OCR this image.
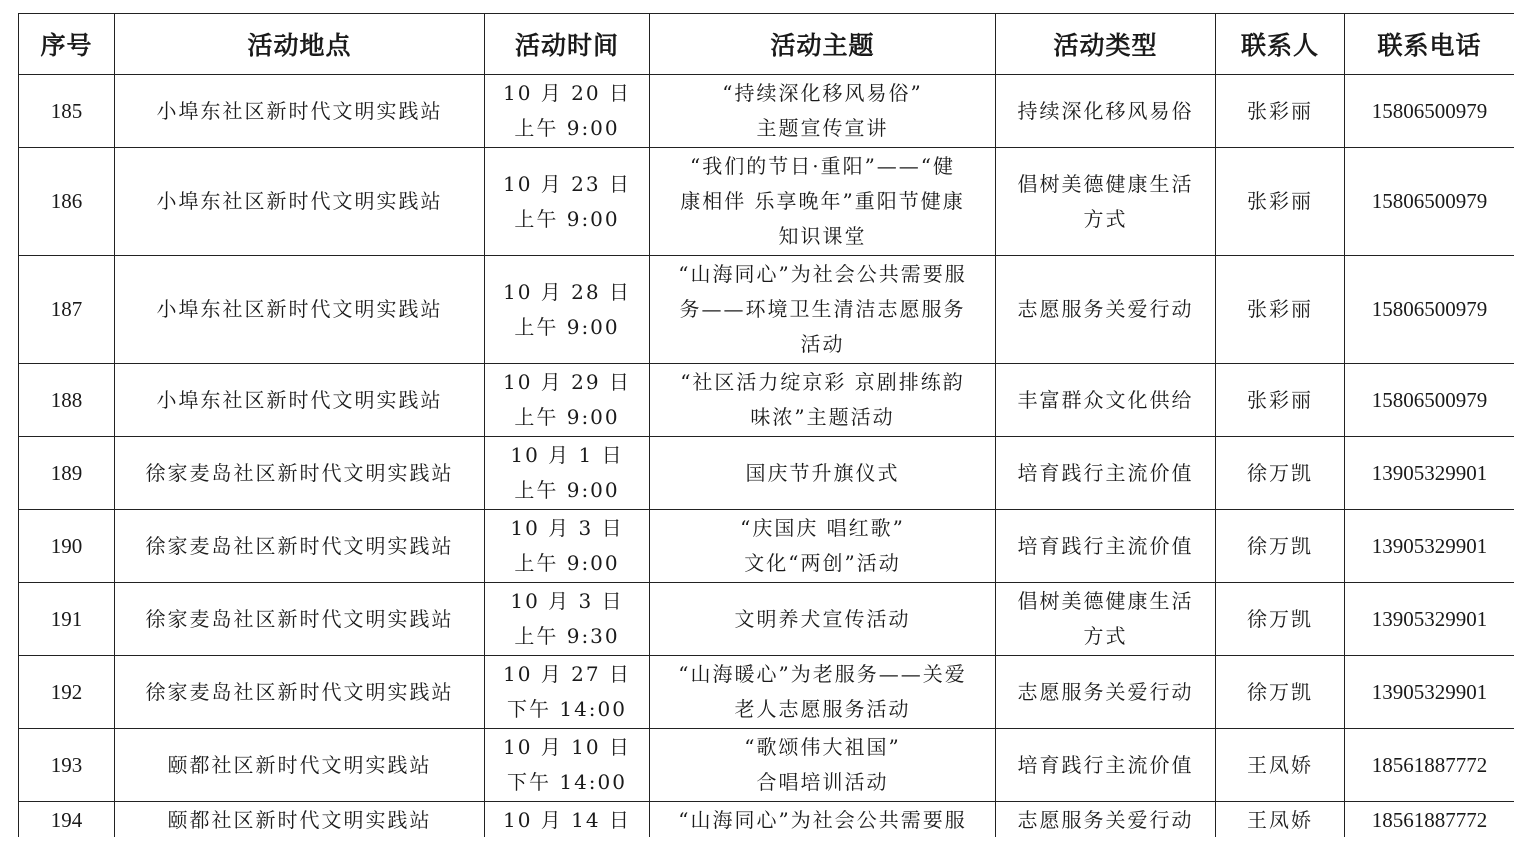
序号	活动地点	活动时间	活动主题	活动类型	联系人	联系电话
185	小埠东社区新时代文明实践站	10 月 20 日
上午 9:00	“持续深化移风易俗”
主题宣传宣讲	持续深化移风易俗	张彩丽	15806500979
186	小埠东社区新时代文明实践站	10 月 23 日
上午 9:00	“我们的节日·重阳”——“健
康相伴 乐享晚年”重阳节健康
知识课堂	倡树美德健康生活
方式	张彩丽	15806500979
187	小埠东社区新时代文明实践站	10 月 28 日
上午 9:00	“山海同心”为社会公共需要服
务——环境卫生清洁志愿服务
活动	志愿服务关爱行动	张彩丽	15806500979
188	小埠东社区新时代文明实践站	10 月 29 日
上午 9:00	“社区活力绽京彩 京剧排练韵
味浓”主题活动	丰富群众文化供给	张彩丽	15806500979
189	徐家麦岛社区新时代文明实践站	10 月 1 日
上午 9:00	国庆节升旗仪式	培育践行主流价值	徐万凯	13905329901
190	徐家麦岛社区新时代文明实践站	10 月 3 日
上午 9:00	“庆国庆 唱红歌”
文化“两创”活动	培育践行主流价值	徐万凯	13905329901
191	徐家麦岛社区新时代文明实践站	10 月 3 日
上午 9:30	文明养犬宣传活动	倡树美德健康生活
方式	徐万凯	13905329901
192	徐家麦岛社区新时代文明实践站	10 月 27 日
下午 14:00	“山海暖心”为老服务——关爱
老人志愿服务活动	志愿服务关爱行动	徐万凯	13905329901
193	颐都社区新时代文明实践站	10 月 10 日
下午 14:00	“歌颂伟大祖国”
合唱培训活动	培育践行主流价值	王凤娇	18561887772
194	颐都社区新时代文明实践站	10 月 14 日	“山海同心”为社会公共需要服	志愿服务关爱行动	王凤娇	18561887772
